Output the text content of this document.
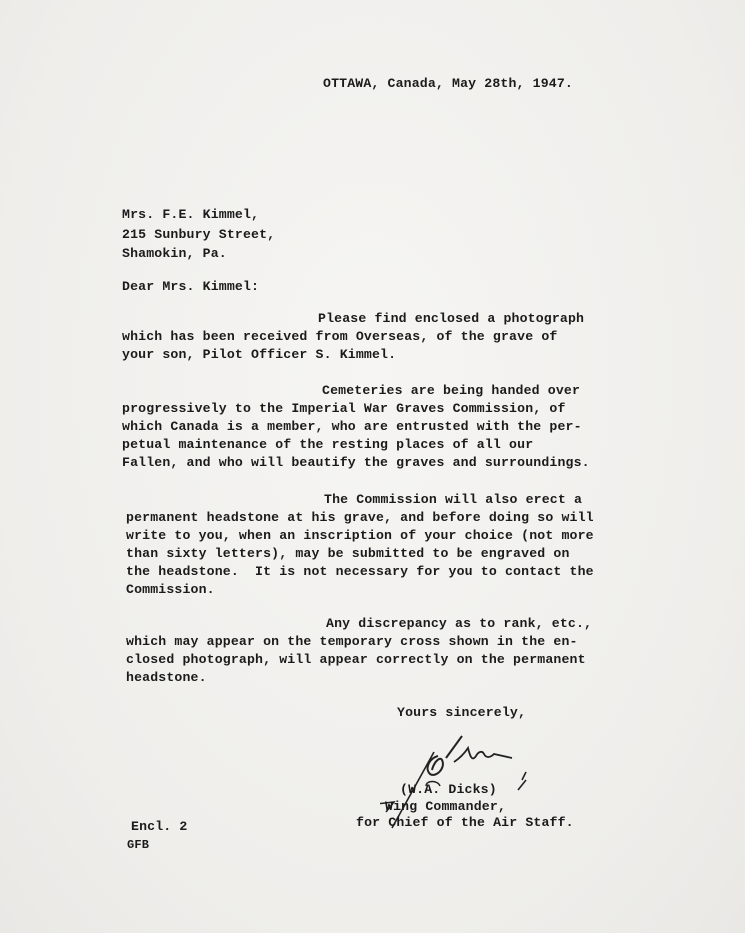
OTTAWA, Canada, May 28th, 1947.
Mrs. F.E. Kimmel,
215 Sunbury Street,
Shamokin, Pa.
Dear Mrs. Kimmel:
Please find enclosed a photograph
which has been received from Overseas, of the grave of
your son, Pilot Officer S. Kimmel.
Cemeteries are being handed over
progressively to the Imperial War Graves Commission, of
which Canada is a member, who are entrusted with the per-
petual maintenance of the resting places of all our
Fallen, and who will beautify the graves and surroundings.
The Commission will also erect a
permanent headstone at his grave, and before doing so will
write to you, when an inscription of your choice (not more
than sixty letters), may be submitted to be engraved on
the headstone.  It is not necessary for you to contact the
Commission.
Any discrepancy as to rank, etc.,
which may appear on the temporary cross shown in the en-
closed photograph, will appear correctly on the permanent
headstone.
Yours sincerely,
(W.A. Dicks)
Wing Commander,
for Chief of the Air Staff.
Encl. 2
GFB
